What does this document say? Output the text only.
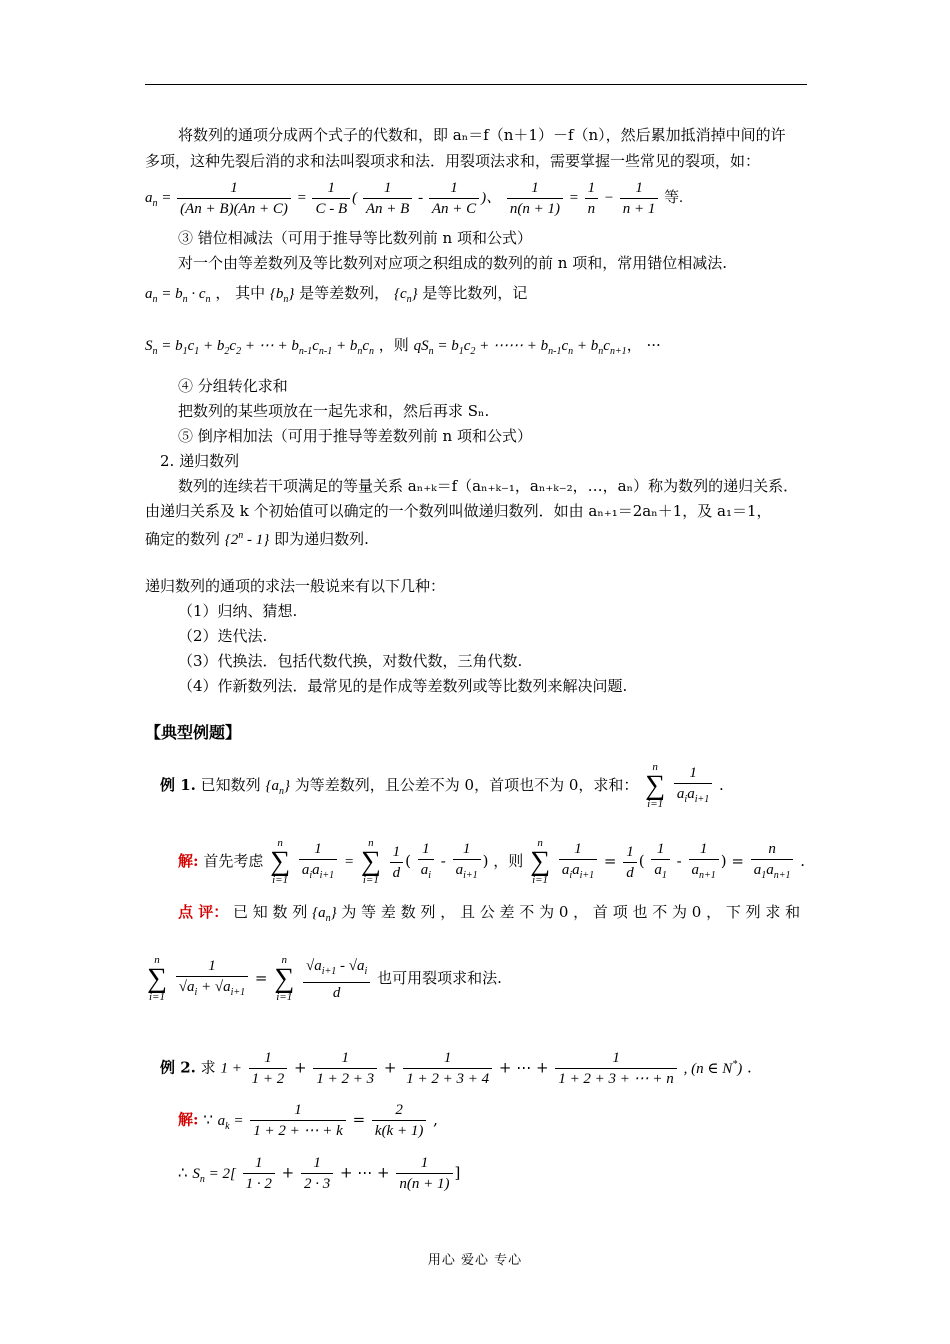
将数列的通项分成两个式子的代数和，即 aₙ＝f（n＋1）－f（n），然后累加抵消掉中间的许
多项，这种先裂后消的求和法叫裂项求和法．用裂项法求和，需要掌握一些常见的裂项，如：
$a_n = \frac{1}{(An + B)(An + C)} = \frac{1}{C - B}$ ( $\frac{1}{An + B} - \frac{1}{An + C}$ )、 $\frac{1}{n(n + 1)} = \frac{1}{n} - \frac{1}{n + 1}$ 等.
③ 错位相减法（可用于推导等比数列前 n 项和公式）
对一个由等差数列及等比数列对应项之积组成的数列的前 n 项和，常用错位相减法.
$a_n = b_n \cdot c_n$ ， 其中 $\{b_n\}$ 是等差数列， $\{c_n\}$ 是等比数列，记
$S_n = b_1c_1 + b_2c_2$ + ⋯ + $b_{n-1}c_{n-1} + b_nc_n$ ，则 $qS_n = b_1c_2$ + ⋯⋯ + $b_{n-1}c_n + b_nc_{n+1}$， ···
④ 分组转化求和
把数列的某些项放在一起先求和，然后再求 Sₙ.
⑤ 倒序相加法（可用于推导等差数列前 n 项和公式）
2. 递归数列
数列的连续若干项满足的等量关系 aₙ₊ₖ＝f（aₙ₊ₖ₋₁，aₙ₊ₖ₋₂，…，aₙ）称为数列的递归关系．
由递归关系及 k 个初始值可以确定的一个数列叫做递归数列．如由 aₙ₊₁＝2aₙ＋1，及 a₁＝1，
确定的数列 {2$^n$ - 1} 即为递归数列.
递归数列的通项的求法一般说来有以下几种：
（1）归纳、猜想.
（2）迭代法.
（3）代换法．包括代数代换，对数代数，三角代数.
（4）作新数列法．最常见的是作成等差数列或等比数列来解决问题.
【典型例题】
例 1. 已知数列 $\{a_n\}$ 为等差数列，且公差不为 0，首项也不为 0，求和： n
∑
$i=1 \frac{1}{a_ia_{i+1}}$ .
解: 首先考虑 n
∑
$i=1 \frac{1}{a_ia_{i+1}} = n$
∑
$i=1 \frac{1}{d}$ ( $\frac{1}{a_i} - \frac{1}{a_{i+1}}$ ) ，则 n
∑
$i=1 \frac{1}{a_ia_{i+1}} = \frac{1}{d}$ ( $\frac{1}{a_1} - \frac{1}{a_{n+1}}$ ) = $\frac{n}{a_1a_{n+1}}$ .
点 评： 已 知 数 列 $\{a_n\}$ 为 等 差 数 列 ， 且 公 差 不 为 0 ， 首 项 也 不 为 0 ， 下 列 求 和
n
∑
$i=1 \frac{1}{√a_i + √a_{i+1}} = n$
∑
$i=1 \frac{√a_{i+1} - √a_i}{d}$ 也可用裂项求和法.
例 2. 求 $1 + \frac{1}{1 + 2} + \frac{1}{1 + 2 + 3} + \frac{1}{1 + 2 + 3 + 4}$ + ⋯ + $\frac{1}{1 + 2 + 3 + \cdots + n}$ , (n ∈ N*) .
解: ∵ $a_k = \frac{1}{1 + 2 + \cdots + k} = \frac{2}{k(k + 1)}$ ,
∴ $S_n = 2[ \frac{1}{1 \cdot 2} + \frac{1}{2 \cdot 3}$ + ⋯ + $\frac{1}{n(n + 1)}$ ]
用心 爱心 专心
